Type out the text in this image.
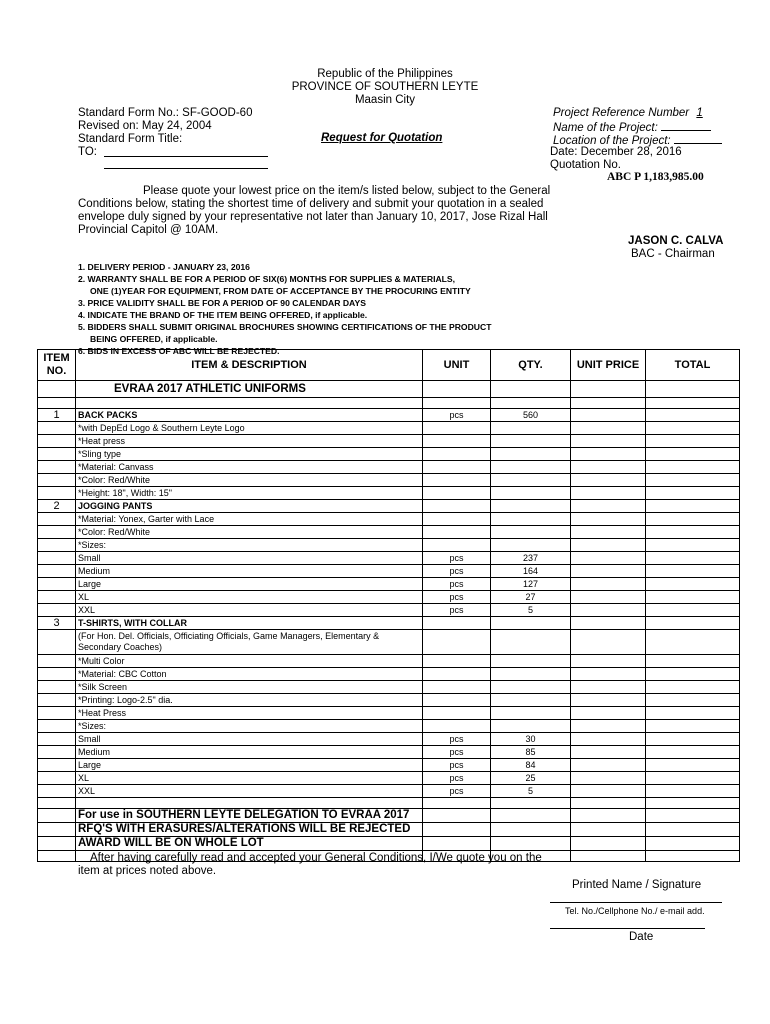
Republic of the Philippines
PROVINCE OF SOUTHERN LEYTE
Maasin City
Standard Form No.: SF-GOOD-60
Revised on: May 24, 2004
Standard Form Title:
TO:
Request for Quotation
Project Reference Number 1
Name of the Project:
Location of the Project:
Date: December 28, 2016
Quotation No.
ABC P 1,183,985.00
Please quote your lowest price on the item/s listed below, subject to the General
Conditions below, stating the shortest time of delivery and submit your quotation in a sealed
envelope duly signed by your representative not later than January 10, 2017, Jose Rizal Hall
Provincial Capitol @ 10AM.
JASON C. CALVA
BAC - Chairman
1. DELIVERY PERIOD - JANUARY 23, 2016
2. WARRANTY SHALL BE FOR A PERIOD OF SIX(6) MONTHS FOR SUPPLIES & MATERIALS,
ONE (1)YEAR FOR EQUIPMENT, FROM DATE OF ACCEPTANCE BY THE PROCURING ENTITY
3. PRICE VALIDITY SHALL BE FOR A PERIOD OF 90 CALENDAR DAYS
4. INDICATE THE BRAND OF THE ITEM BEING OFFERED, if applicable.
5. BIDDERS SHALL SUBMIT ORIGINAL BROCHURES SHOWING CERTIFICATIONS OF THE PRODUCT
BEING OFFERED, if applicable.
6. BIDS IN EXCESS OF ABC WILL BE REJECTED.
ITEM NO.	ITEM & DESCRIPTION	UNIT	QTY.	UNIT PRICE	TOTAL
	EVRAA 2017 ATHLETIC UNIFORMS				

1	BACK PACKS	pcs	560		
	*with DepEd Logo & Southern Leyte Logo				
	*Heat press				
	*Sling type				
	*Material: Canvass				
	*Color: Red/White				
	*Height: 18", Width: 15"				
2	JOGGING PANTS				
	*Material: Yonex, Garter with Lace				
	*Color: Red/White				
	*Sizes:				
	Small	pcs	237		
	Medium	pcs	164		
	Large	pcs	127		
	XL	pcs	27		
	XXL	pcs	5		
3	T-SHIRTS, WITH COLLAR				
	(For Hon. Del. Officials, Officiating Officials, Game Managers, Elementary & Secondary Coaches)				
	*Multi Color				
	*Material: CBC Cotton				
	*Silk Screen				
	*Printing: Logo-2.5" dia.				
	*Heat Press				
	*Sizes:				
	Small	pcs	30		
	Medium	pcs	85		
	Large	pcs	84		
	XL	pcs	25		
	XXL	pcs	5		

	For use in SOUTHERN LEYTE DELEGATION TO EVRAA 2017				
	RFQ'S WITH ERASURES/ALTERATIONS WILL BE REJECTED				
	AWARD WILL BE ON WHOLE LOT				

After having carefully read and accepted your General Conditions, I/We quote you on the
item at prices noted above.
Printed Name / Signature
Tel. No./Cellphone No./ e-mail add.
Date
